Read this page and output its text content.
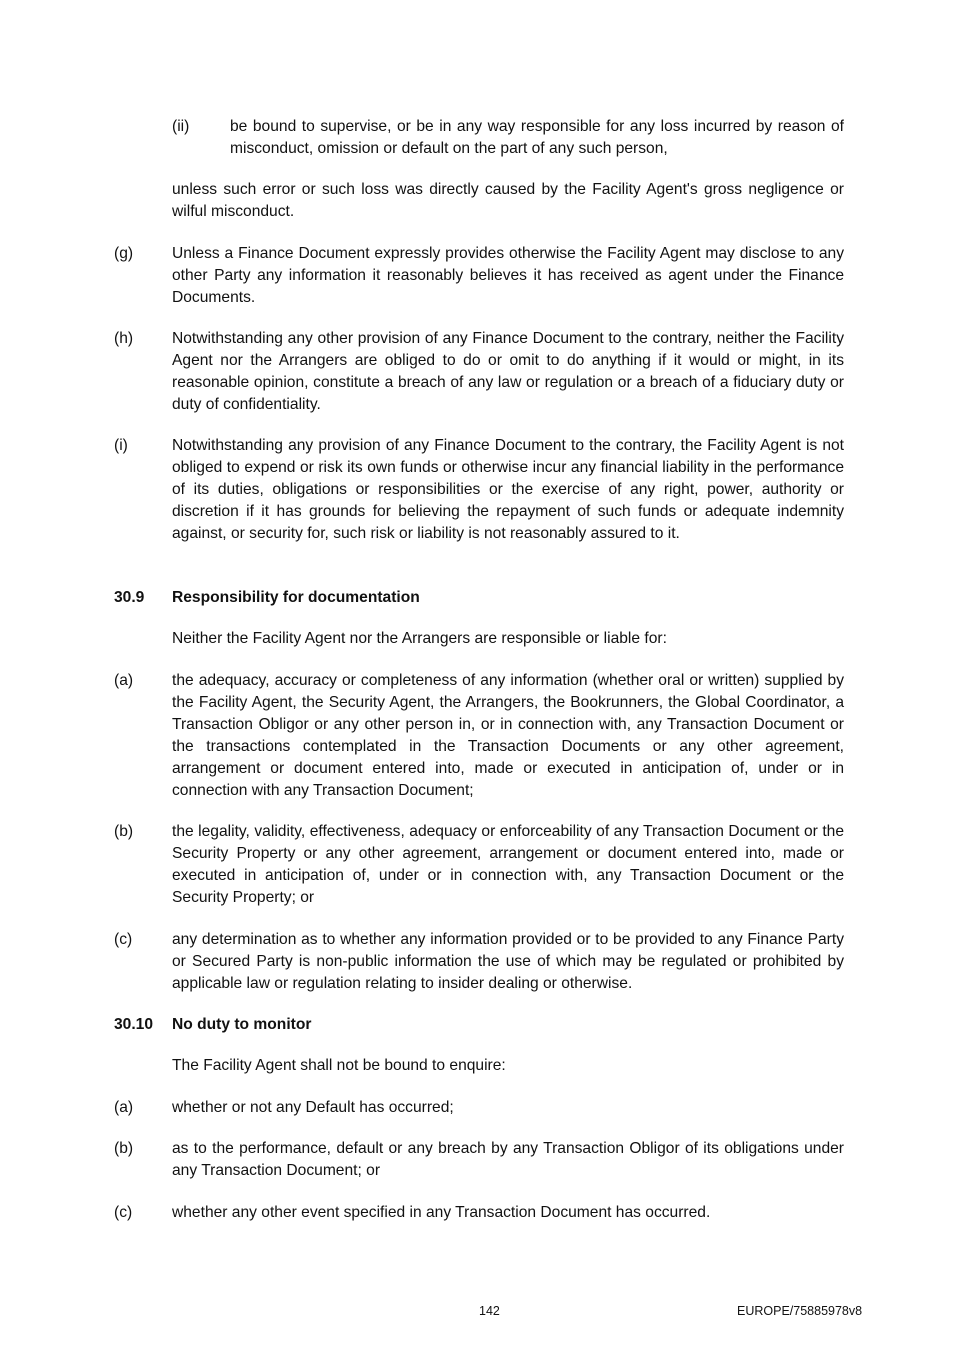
(ii)	be bound to supervise, or be in any way responsible for any loss incurred by reason of misconduct, omission or default on the part of any such person,
unless such error or such loss was directly caused by the Facility Agent's gross negligence or wilful misconduct.
(g) Unless a Finance Document expressly provides otherwise the Facility Agent may disclose to any other Party any information it reasonably believes it has received as agent under the Finance Documents.
(h) Notwithstanding any other provision of any Finance Document to the contrary, neither the Facility Agent nor the Arrangers are obliged to do or omit to do anything if it would or might, in its reasonable opinion, constitute a breach of any law or regulation or a breach of a fiduciary duty or duty of confidentiality.
(i)	Notwithstanding any provision of any Finance Document to the contrary, the Facility Agent is not obliged to expend or risk its own funds or otherwise incur any financial liability in the performance of its duties, obligations or responsibilities or the exercise of any right, power, authority or discretion if it has grounds for believing the repayment of such funds or adequate indemnity against, or security for, such risk or liability is not reasonably assured to it.
30.9 Responsibility for documentation
Neither the Facility Agent nor the Arrangers are responsible or liable for:
(a) the adequacy, accuracy or completeness of any information (whether oral or written) supplied by the Facility Agent, the Security Agent, the Arrangers, the Bookrunners, the Global Coordinator, a Transaction Obligor or any other person in, or in connection with, any Transaction Document or the transactions contemplated in the Transaction Documents or any other agreement, arrangement or document entered into, made or executed in anticipation of, under or in connection with any Transaction Document;
(b) the legality, validity, effectiveness, adequacy or enforceability of any Transaction Document or the Security Property or any other agreement, arrangement or document entered into, made or executed in anticipation of, under or in connection with, any Transaction Document or the Security Property; or
(c)	any determination as to whether any information provided or to be provided to any Finance Party or Secured Party is non-public information the use of which may be regulated or prohibited by applicable law or regulation relating to insider dealing or otherwise.
30.10 No duty to monitor
The Facility Agent shall not be bound to enquire:
(a) whether or not any Default has occurred;
(b) as to the performance, default or any breach by any Transaction Obligor of its obligations under any Transaction Document; or
(c)	whether any other event specified in any Transaction Document has occurred.
142	EUROPE/75885978v8
